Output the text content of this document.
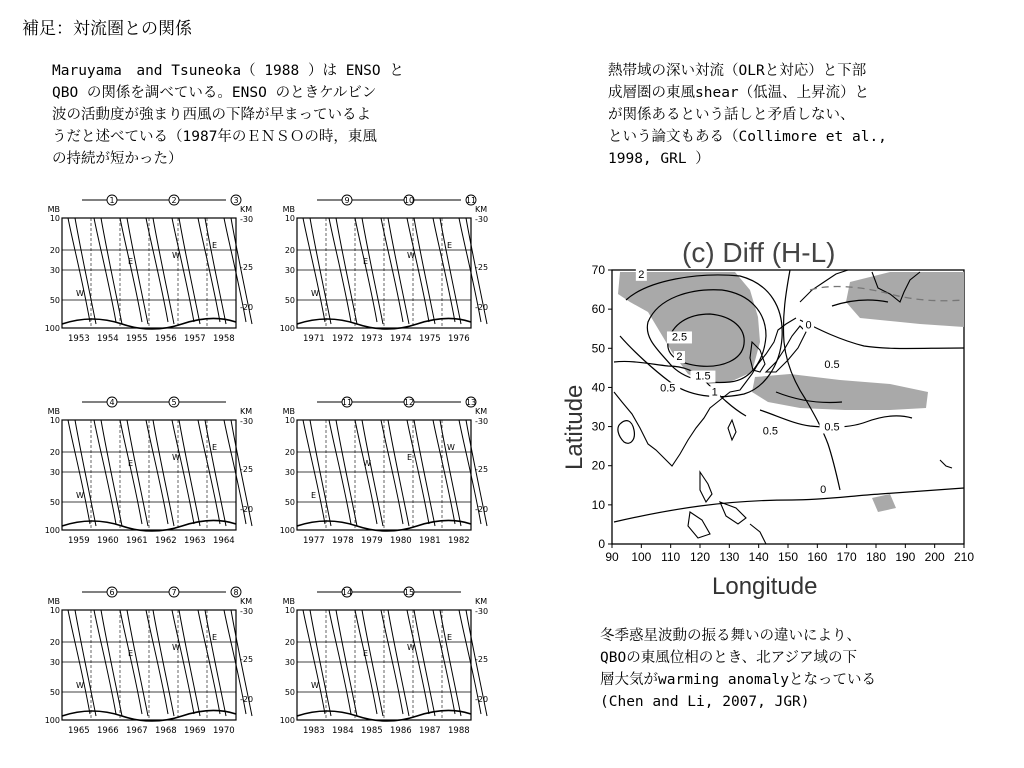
補足：対流圏との関係
Maruyama　and Tsuneoka（ 1988 ）は ENSO と
QBO の関係を調べている。ENSO のときケルビン
波の活動度が強まり西風の下降が早まっているよ
うだと述べている（1987年のＥＮＳＯの時，東風
の持続が短かった）
熱帯域の深い対流（OLRと対応）と下部
成層圏の東風shear（低温、上昇流）と
が関係あるという話しと矛盾しない、
という論文もある（Collimore et al.,
1998, GRL ）
冬季惑星波動の振る舞いの違いにより、
QBOの東風位相のとき、北アジア域の下
層大気がwarming anomalyとなっている
(Chen and Li, 2007, JGR)
10
20
30
50
100
MB	KM
-30
-25
-20
1953 1954 1955 1956 1957 1958
1	2	3
W
E
W
E
10
20
30
50
100
MB	KM
-30
-25
-20
1971 1972 1973 1974 1975 1976
9	10	11
W
E
W
E
10
20
30
50
100
MB	KM
-30
-25
-20
1959 1960 1961 1962 1963 1964
4	5
W
E
W
E
10
20
30
50
100
MB	KM
-30
-25
-20
1977 1978 1979 1980 1981 1982
11	12	13
E
W
E
W
10
20
30
50
100
MB	KM
-30
-25
-20
1965 1966 1967 1968 1969 1970
6	7	8
W
E
W
E
10
20
30
50
100
MB	KM
-30
-25
-20
1983 1984 1985 1986 1987 1988
14	15
W
E
W
E
(c) Diff (H-L)
2
2.5
2
1.5
1
0.5
0
0.5
0.5	0.5
0
90 100 110 120 130 140 150 160 170 180 190 200 210
0
10
20
30
40
50
60
70
Longitude
Latitude
